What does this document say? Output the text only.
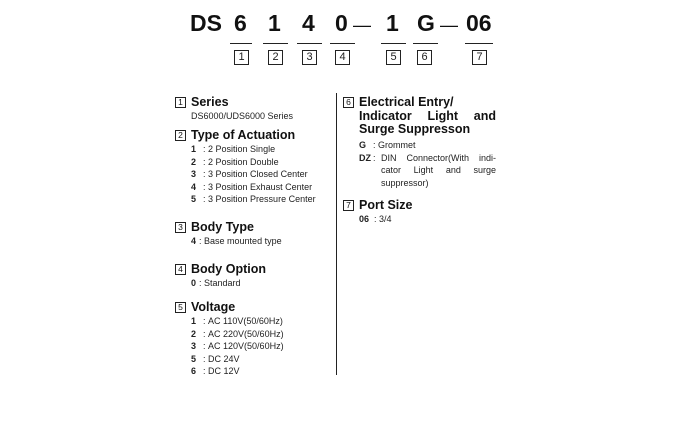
DS 6 1 4 0 — 1 G — 06
1	2	3	4	5	6	7
1 Series
DS6000/UDS6000 Series
2 Type of Actuation
1 : 2 Position Single
2 : 2 Position Double
3 : 3 Position Closed Center
4 : 3 Position Exhaust Center
5 : 3 Position Pressure Center
3 Body Type
4 : Base mounted type
4 Body Option
0 : Standard
5 Voltage
1 : AC 110V(50/60Hz)
2 : AC 220V(50/60Hz)
3 : AC 120V(50/60Hz)
5 : DC 24V
6 : DC 12V
6 Electrical Entry/
Indicator Light and
Surge Suppresson
G : Grommet
DZ : DIN Connector(With indi-
cator Light and surge
suppressor)
7 Port Size
06 : 3/4
